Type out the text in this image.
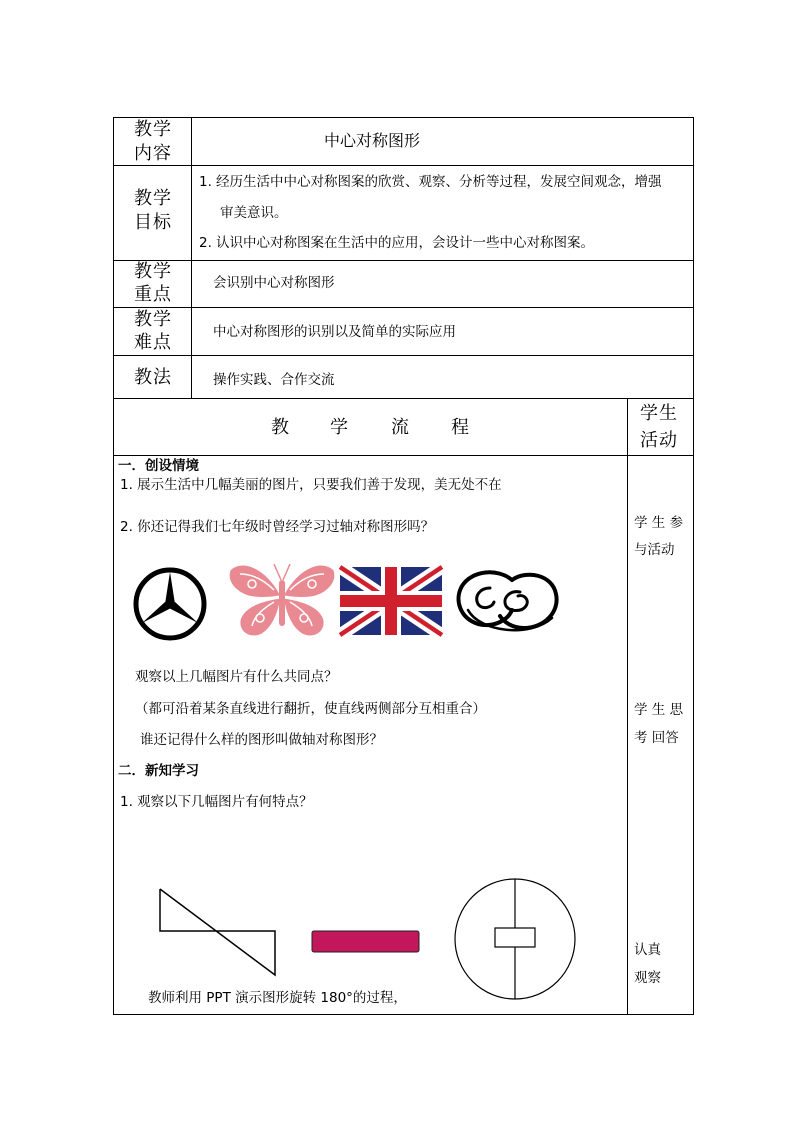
教学
内容
中心对称图形
教学
目标
1. 经历生活中中心对称图案的欣赏、观察、分析等过程，发展空间观念，增强
审美意识。
2. 认识中心对称图案在生活中的应用，会设计一些中心对称图案。
教学
重点
会识别中心对称图形
教学
难点	中心对称图形的识别以及简单的实际应用
教法	操作实践、合作交流
教 学 流 程
学生
活动
一．创设情境
1. 展示生活中几幅美丽的图片，只要我们善于发现，美无处不在
2. 你还记得我们七年级时曾经学习过轴对称图形吗？
观察以上几幅图片有什么共同点？
（都可沿着某条直线进行翻折，使直线两侧部分互相重合）
谁还记得什么样的图形叫做轴对称图形？
二．新知学习
1. 观察以下几幅图片有何特点？
教师利用 PPT 演示图形旋转 180°的过程，
学 生 参
与活动
学 生 思
考 回答
认真
观察
